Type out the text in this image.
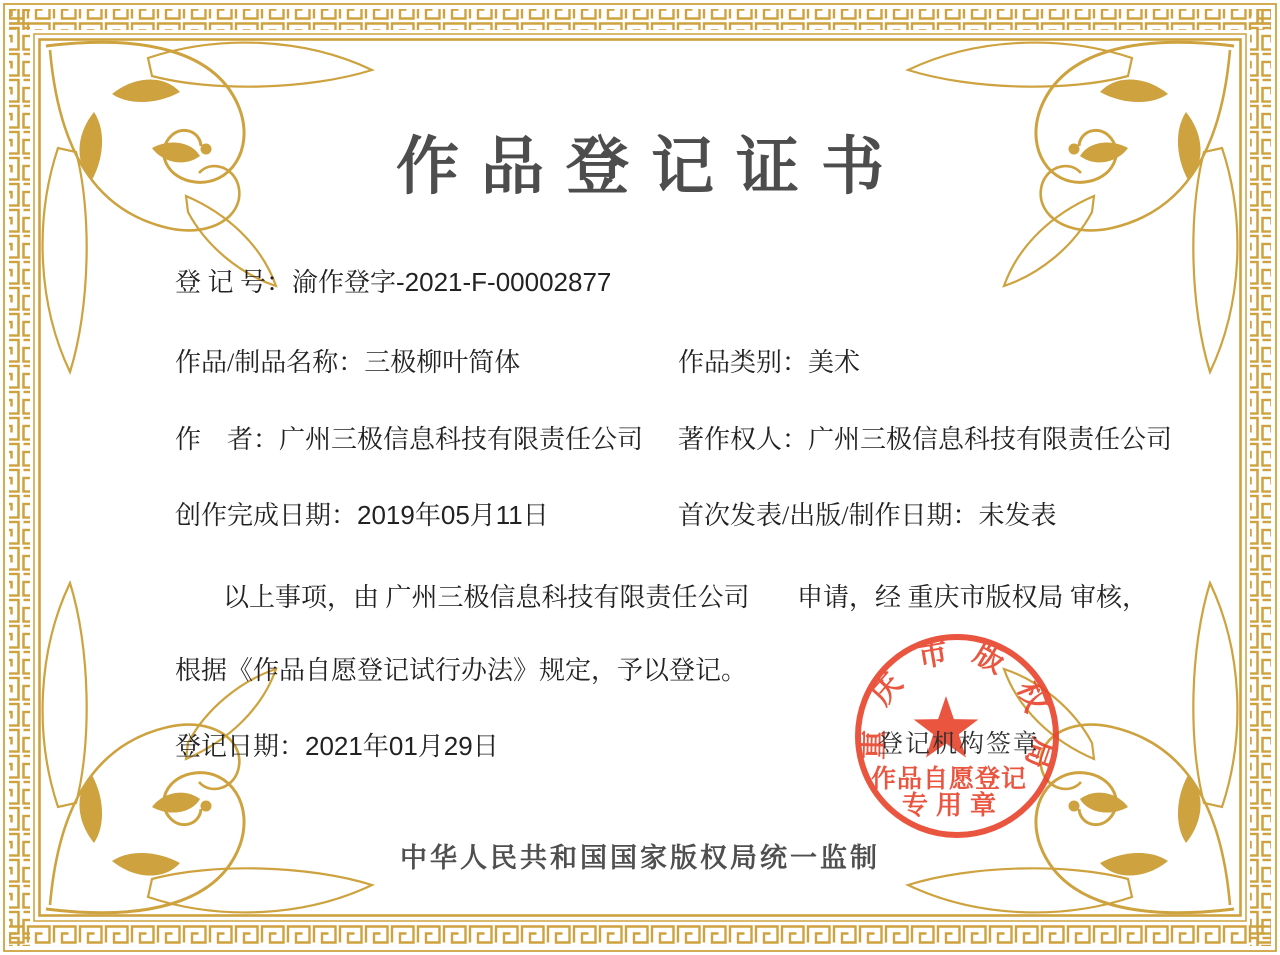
作品登记证书
登 记 号：渝作登字-2021-F-00002877
作品/制品名称：三极柳叶简体	作品类别：美术
作　者：广州三极信息科技有限责任公司 著作权人：广州三极信息科技有限责任公司
创作完成日期：2019年05月11日	首次发表/出版/制作日期：未发表
以上事项，由 广州三极信息科技有限责任公司 申请，经 重庆市版权局 审核，
根据《作品自愿登记试行办法》规定，予以登记。
登记日期：2021年01月29日	重庆市版权局
作品自愿登记
专用章
登记机构签章
中华人民共和国国家版权局统一监制
